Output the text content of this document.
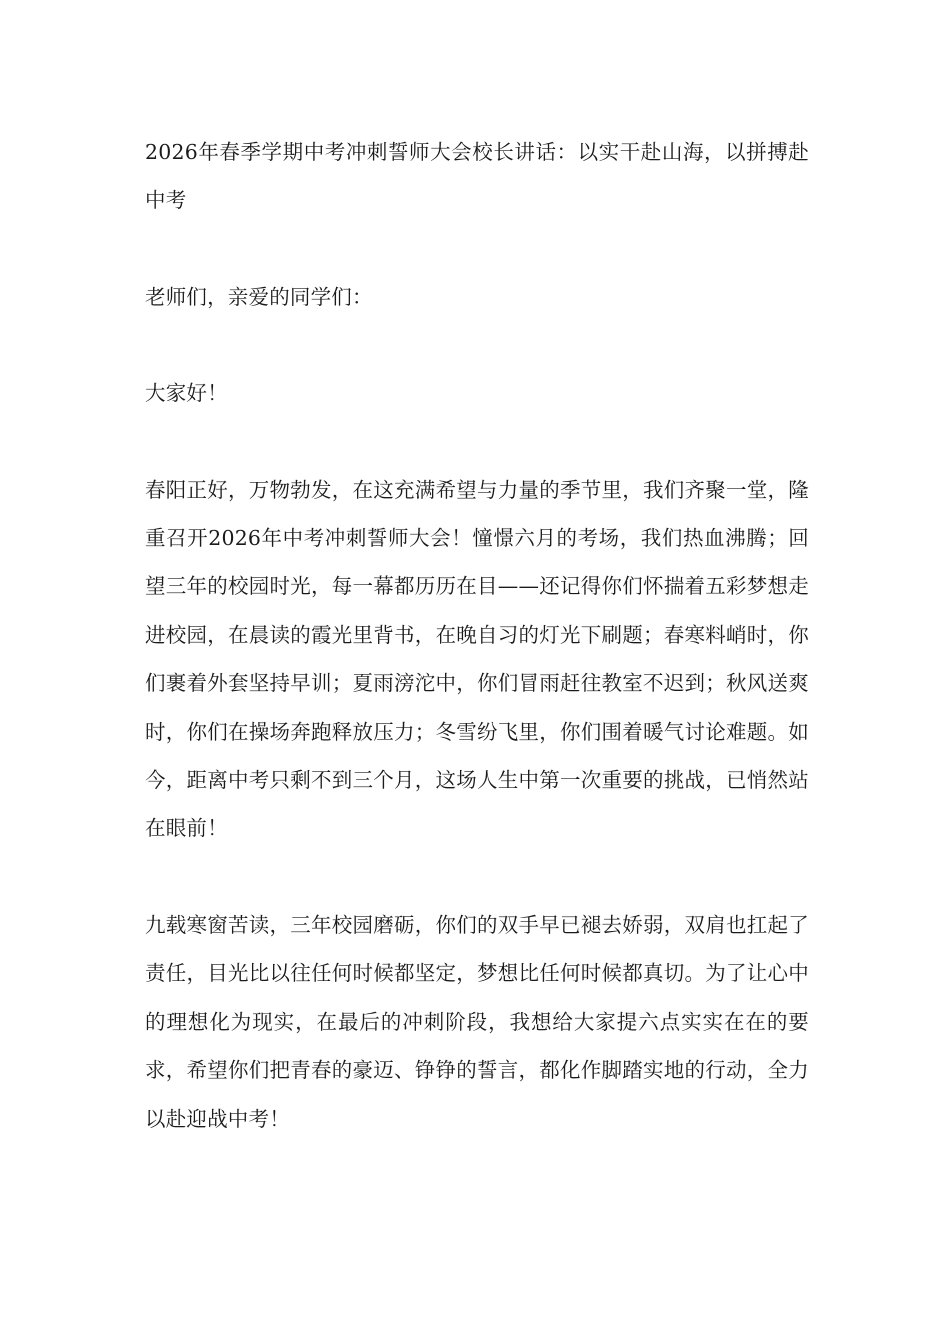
2026年春季学期中考冲刺誓师大会校长讲话：以实干赴山海，以拼搏赴中考

老师们，亲爱的同学们：

大家好！

春阳正好，万物勃发，在这充满希望与力量的季节里，我们齐聚一堂，隆重召开2026年中考冲刺誓师大会！憧憬六月的考场，我们热血沸腾；回望三年的校园时光，每一幕都历历在目——还记得你们怀揣着五彩梦想走进校园，在晨读的霞光里背书，在晚自习的灯光下刷题；春寒料峭时，你们裹着外套坚持早训；夏雨滂沱中，你们冒雨赶往教室不迟到；秋风送爽时，你们在操场奔跑释放压力；冬雪纷飞里，你们围着暖气讨论难题。如今，距离中考只剩不到三个月，这场人生中第一次重要的挑战，已悄然站在眼前！

九载寒窗苦读，三年校园磨砺，你们的双手早已褪去娇弱，双肩也扛起了责任，目光比以往任何时候都坚定，梦想比任何时候都真切。为了让心中的理想化为现实，在最后的冲刺阶段，我想给大家提六点实实在在的要求，希望你们把青春的豪迈、铮铮的誓言，都化作脚踏实地的行动，全力以赴迎战中考！
